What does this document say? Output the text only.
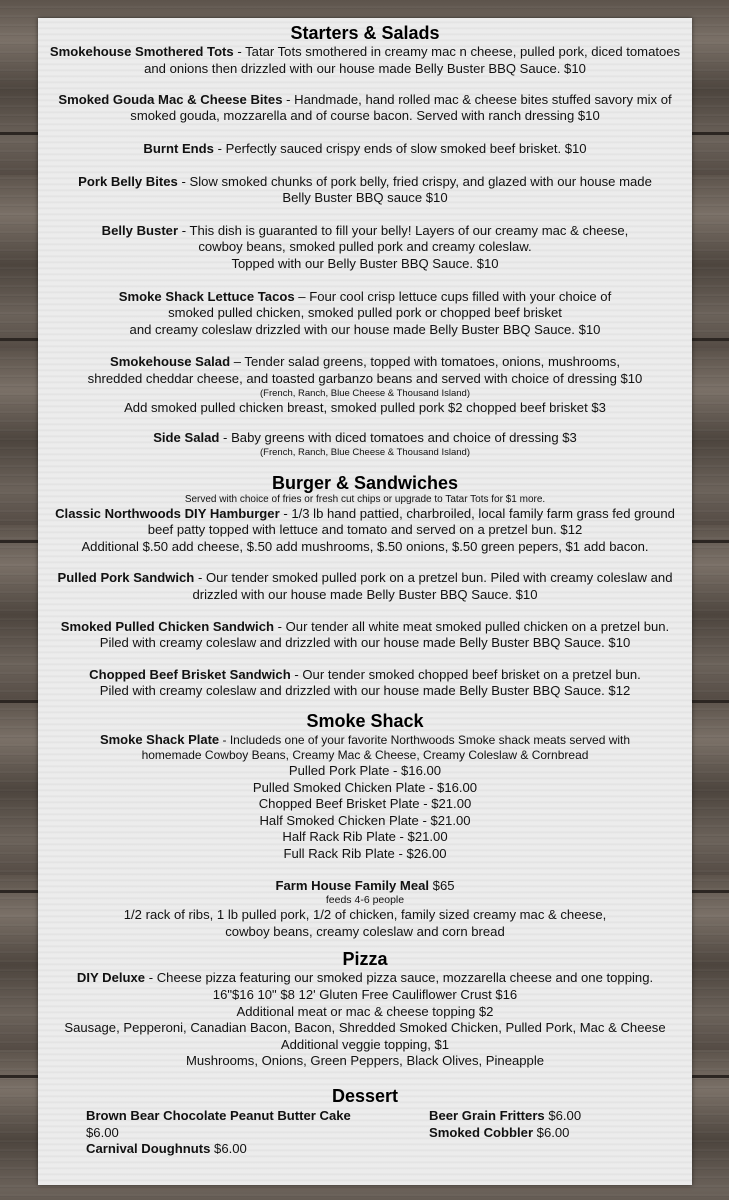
Starters & Salads

Smokehouse Smothered Tots - Tatar Tots smothered in creamy mac n cheese, pulled pork, diced tomatoes
and onions then drizzled with our house made Belly Buster BBQ Sauce. $10

Smoked Gouda Mac & Cheese Bites - Handmade, hand rolled mac & cheese bites stuffed savory mix of
smoked gouda, mozzarella and of course bacon. Served with ranch dressing $10

Burnt Ends - Perfectly sauced crispy ends of slow smoked beef brisket. $10

Pork Belly Bites - Slow smoked chunks of pork belly, fried crispy, and glazed with our house made
Belly Buster BBQ sauce $10

Belly Buster - This dish is guaranted to fill your belly! Layers of our creamy mac & cheese,
cowboy beans, smoked pulled pork and creamy coleslaw.
Topped with our Belly Buster BBQ Sauce. $10

Smoke Shack Lettuce Tacos – Four cool crisp lettuce cups filled with your choice of
smoked pulled chicken, smoked pulled pork or chopped beef brisket
and creamy coleslaw drizzled with our house made Belly Buster BBQ Sauce. $10

Smokehouse Salad – Tender salad greens, topped with tomatoes, onions, mushrooms,
shredded cheddar cheese, and toasted garbanzo beans and served with choice of dressing $10

(French, Ranch, Blue Cheese & Thousand Island)

Add smoked pulled chicken breast, smoked pulled pork $2 chopped beef brisket $3

Side Salad - Baby greens with diced tomatoes and choice of dressing $3

(French, Ranch, Blue Cheese & Thousand Island)

Burger & Sandwiches

Served with choice of fries or fresh cut chips or upgrade to Tatar Tots for $1 more.

Classic Northwoods DIY Hamburger - 1/3 lb hand pattied, charbroiled, local family farm grass fed ground
beef patty topped with lettuce and tomato and served on a pretzel bun. $12
Additional $.50 add cheese, $.50 add mushrooms, $.50 onions, $.50 green pepers, $1 add bacon.

Pulled Pork Sandwich - Our tender smoked pulled pork on a pretzel bun. Piled with creamy coleslaw and
drizzled with our house made Belly Buster BBQ Sauce. $10

Smoked Pulled Chicken Sandwich - Our tender all white meat smoked pulled chicken on a pretzel bun.
Piled with creamy coleslaw and drizzled with our house made Belly Buster BBQ Sauce. $10

Chopped Beef Brisket Sandwich - Our tender smoked chopped beef brisket on a pretzel bun.
Piled with creamy coleslaw and drizzled with our house made Belly Buster BBQ Sauce. $12

Smoke Shack

Smoke Shack Plate - Includeds one of your favorite Northwoods Smoke shack meats served with
homemade Cowboy Beans, Creamy Mac & Cheese, Creamy Coleslaw & Cornbread

Pulled Pork Plate - $16.00

Pulled Smoked Chicken Plate - $16.00

Chopped Beef Brisket Plate - $21.00

Half Smoked Chicken Plate - $21.00

Half Rack Rib Plate - $21.00

Full Rack Rib Plate - $26.00

Farm House Family Meal $65

feeds 4-6 people

1/2 rack of ribs, 1 lb pulled pork, 1/2 of chicken, family sized creamy mac & cheese,

cowboy beans, creamy coleslaw and corn bread

Pizza

DIY Deluxe - Cheese pizza featuring our smoked pizza sauce, mozzarella cheese and one topping.

16"$16 10" $8 12' Gluten Free Cauliflower Crust $16

Additional meat or mac & cheese topping $2

Sausage, Pepperoni, Canadian Bacon, Bacon, Shredded Smoked Chicken, Pulled Pork, Mac & Cheese

Additional veggie topping, $1

Mushrooms, Onions, Green Peppers, Black Olives, Pineapple

Dessert

Brown Bear Chocolate Peanut Butter Cake $6.00

Carnival Doughnuts $6.00

Beer Grain Fritters $6.00

Smoked Cobbler $6.00
